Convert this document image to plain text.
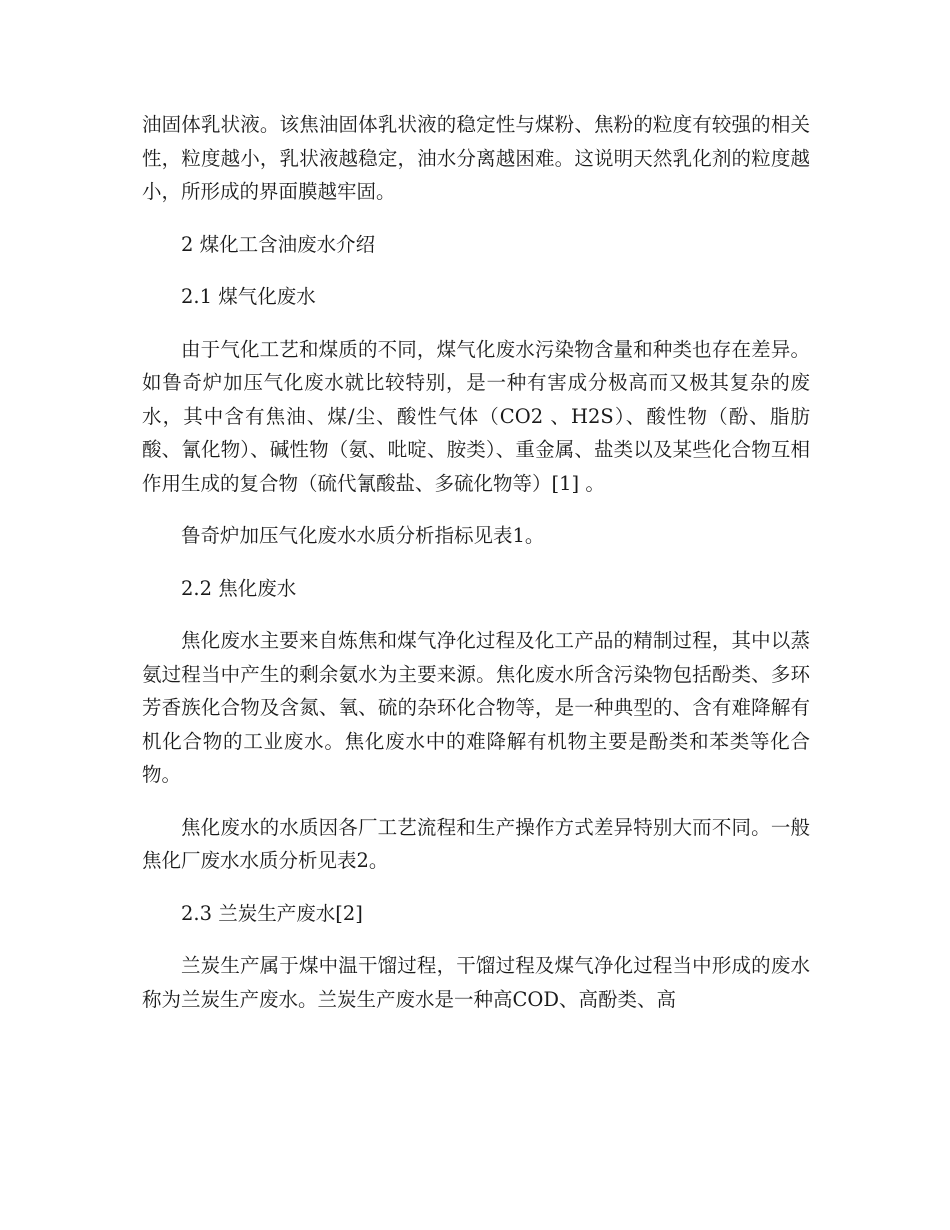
油固体乳状液。该焦油固体乳状液的稳定性与煤粉、焦粉的粒度有较强的相关性，粒度越小，乳状液越稳定，油水分离越困难。这说明天然乳化剂的粒度越小，所形成的界面膜越牢固。

2 煤化工含油废水介绍

2.1 煤气化废水

由于气化工艺和煤质的不同，煤气化废水污染物含量和种类也存在差异。如鲁奇炉加压气化废水就比较特别，是一种有害成分极高而又极其复杂的废水，其中含有焦油、煤/尘、酸性气体（CO2 、H2S）、酸性物（酚、脂肪酸、氰化物）、碱性物（氨、吡啶、胺类）、重金属、盐类以及某些化合物互相作用生成的复合物（硫代氰酸盐、多硫化物等）[1] 。

鲁奇炉加压气化废水水质分析指标见表1。

2.2 焦化废水

焦化废水主要来自炼焦和煤气净化过程及化工产品的精制过程，其中以蒸氨过程当中产生的剩余氨水为主要来源。焦化废水所含污染物包括酚类、多环芳香族化合物及含氮、氧、硫的杂环化合物等，是一种典型的、含有难降解有机化合物的工业废水。焦化废水中的难降解有机物主要是酚类和苯类等化合物。

焦化废水的水质因各厂工艺流程和生产操作方式差异特别大而不同。一般焦化厂废水水质分析见表2。

2.3 兰炭生产废水[2]

兰炭生产属于煤中温干馏过程，干馏过程及煤气净化过程当中形成的废水称为兰炭生产废水。兰炭生产废水是一种高COD、高酚类、高
